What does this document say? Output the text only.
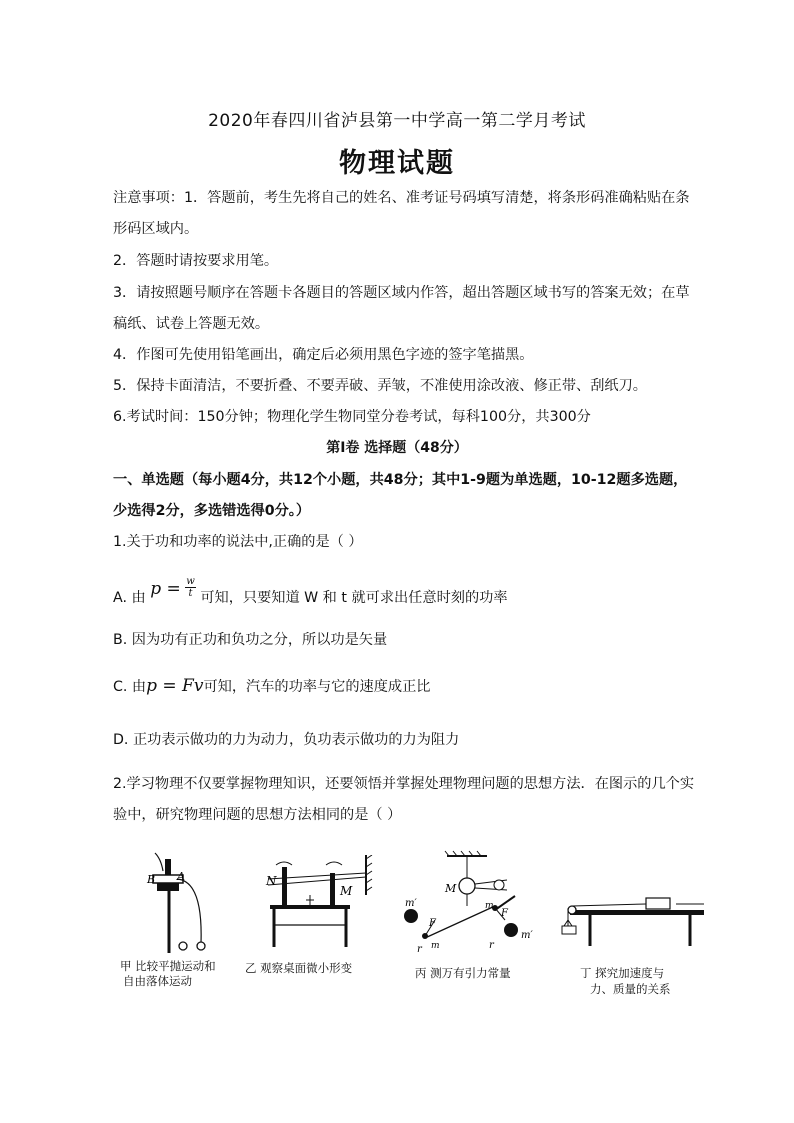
2020年春四川省泸县第一中学高一第二学月考试
物理试题
注意事项：1．答题前，考生先将自己的姓名、准考证号码填写清楚，将条形码准确粘贴在条
形码区域内。
2．答题时请按要求用笔。
3．请按照题号顺序在答题卡各题目的答题区域内作答，超出答题区域书写的答案无效；在草
稿纸、试卷上答题无效。
4．作图可先使用铅笔画出，确定后必须用黑色字迹的签字笔描黑。
5．保持卡面清洁，不要折叠、不要弄破、弄皱，不准使用涂改液、修正带、刮纸刀。
6.考试时间：150分钟；物理化学生物同堂分卷考试，每科100分，共300分
第Ⅰ卷 选择题（48分）
一、单选题（每小题4分，共12个小题，共48分；其中1-9题为单选题，10-12题多选题，
少选得2分，多选错选得0分。）
1.关于功和功率的说法中,正确的是（ ）
A. 由 $p = \frac{w}{t}$ 可知，只要知道 W 和 t 就可求出任意时刻的功率
B. 因为功有正功和负功之分，所以功是矢量
C. 由p = Fv可知，汽车的功率与它的速度成正比
D. 正功表示做功的力为动力，负功表示做功的力为阻力
2.学习物理不仅要掌握物理知识，还要领悟并掌握处理物理问题的思想方法．在图示的几个实
验中，研究物理问题的思想方法相同的是（ ）
B A
甲 比较平抛运动和
自由落体运动
N
M
乙 观察桌面微小形变
m′
m′
M
m
m
F
F
r	r
丙 测万有引力常量	丁 探究加速度与
力、质量的关系
